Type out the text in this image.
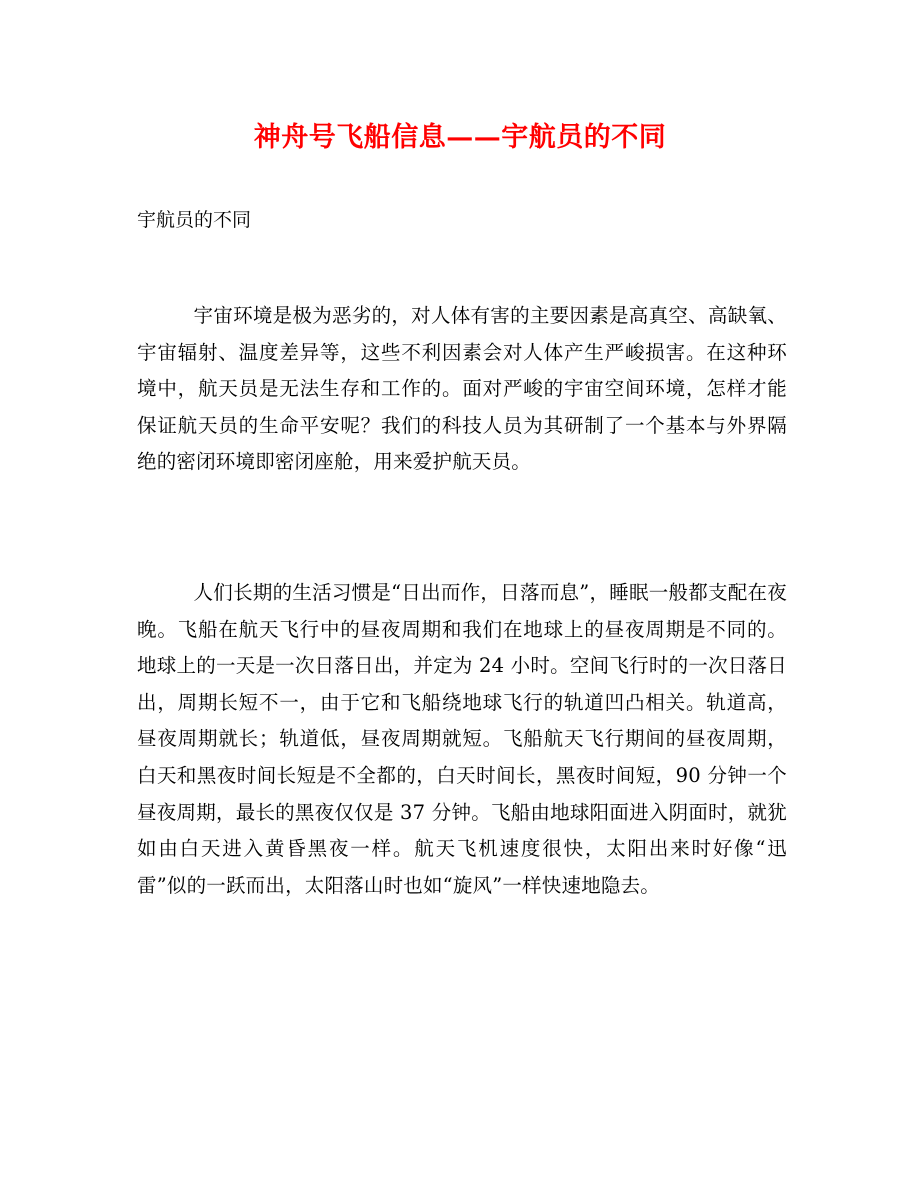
神舟号飞船信息——宇航员的不同

宇航员的不同

宇宙环境是极为恶劣的，对人体有害的主要因素是高真空、高缺氧、宇宙辐射、温度差异等，这些不利因素会对人体产生严峻损害。在这种环境中，航天员是无法生存和工作的。面对严峻的宇宙空间环境，怎样才能保证航天员的生命平安呢？我们的科技人员为其研制了一个基本与外界隔绝的密闭环境即密闭座舱，用来爱护航天员。

人们长期的生活习惯是“日出而作，日落而息”，睡眠一般都支配在夜晚。飞船在航天飞行中的昼夜周期和我们在地球上的昼夜周期是不同的。地球上的一天是一次日落日出，并定为 24 小时。空间飞行时的一次日落日出，周期长短不一，由于它和飞船绕地球飞行的轨道凹凸相关。轨道高，昼夜周期就长；轨道低，昼夜周期就短。飞船航天飞行期间的昼夜周期，白天和黑夜时间长短是不全都的，白天时间长，黑夜时间短，90 分钟一个昼夜周期，最长的黑夜仅仅是 37 分钟。飞船由地球阳面进入阴面时，就犹如由白天进入黄昏黑夜一样。航天飞机速度很快，太阳出来时好像“迅雷”似的一跃而出，太阳落山时也如“旋风”一样快速地隐去。
